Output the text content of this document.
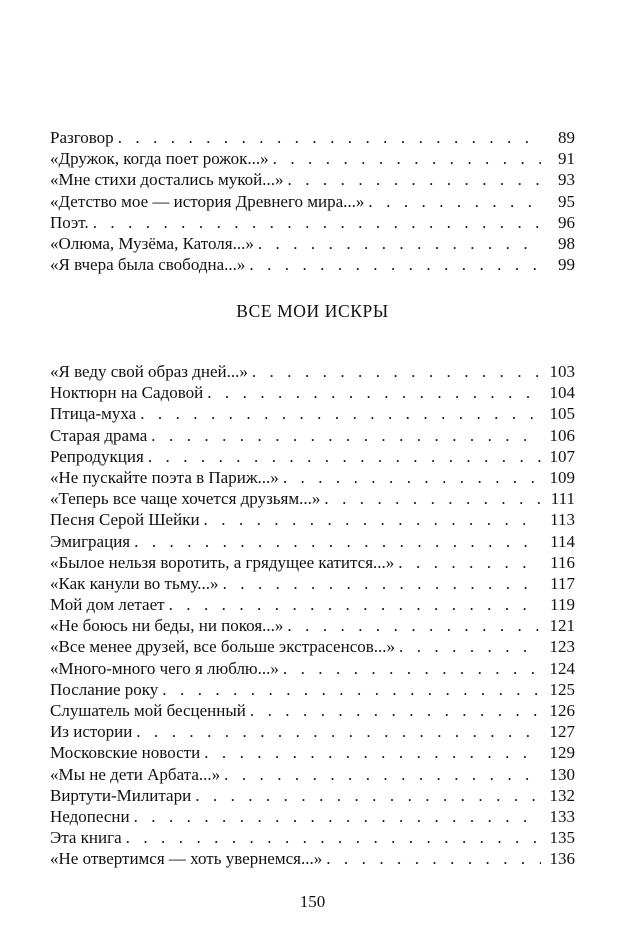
Разговор . . .	89
«Дружок, когда поет рожок...» . . .	91
«Мне стихи достались мукой...» . . .	93
«Детство мое — история Древнего мира...» . . .	95
Поэт. . . .	96
«Олюма, Музёма, Католя...» . . .	98
«Я вчера была свободна...» . . .	99
ВСЕ МОИ ИСКРЫ
«Я веду свой образ дней...» . . .	103
Ноктюрн на Садовой . . .	104
Птица-муха . . .	105
Старая драма . . .	106
Репродукция . . .	107
«Не пускайте поэта в Париж...» . . .	109
«Теперь все чаще хочется друзьям...» . . .	111
Песня Серой Шейки . . .	113
Эмиграция . . .	114
«Былое нельзя воротить, а грядущее катится...» . . .	116
«Как канули во тьму...» . . .	117
Мой дом летает . . .	119
«Не боюсь ни беды, ни покоя...» . . .	121
«Все менее друзей, все больше экстрасенсов...» . . .	123
«Много-много чего я люблю...» . . .	124
Послание року . . .	125
Слушатель мой бесценный . . .	126
Из истории . . .	127
Московские новости . . .	129
«Мы не дети Арбата...» . . .	130
Виртути-Милитари . . .	132
Недопесни . . .	133
Эта книга . . .	135
«Не отвертимся — хоть увернемся...» . . .	136
150
